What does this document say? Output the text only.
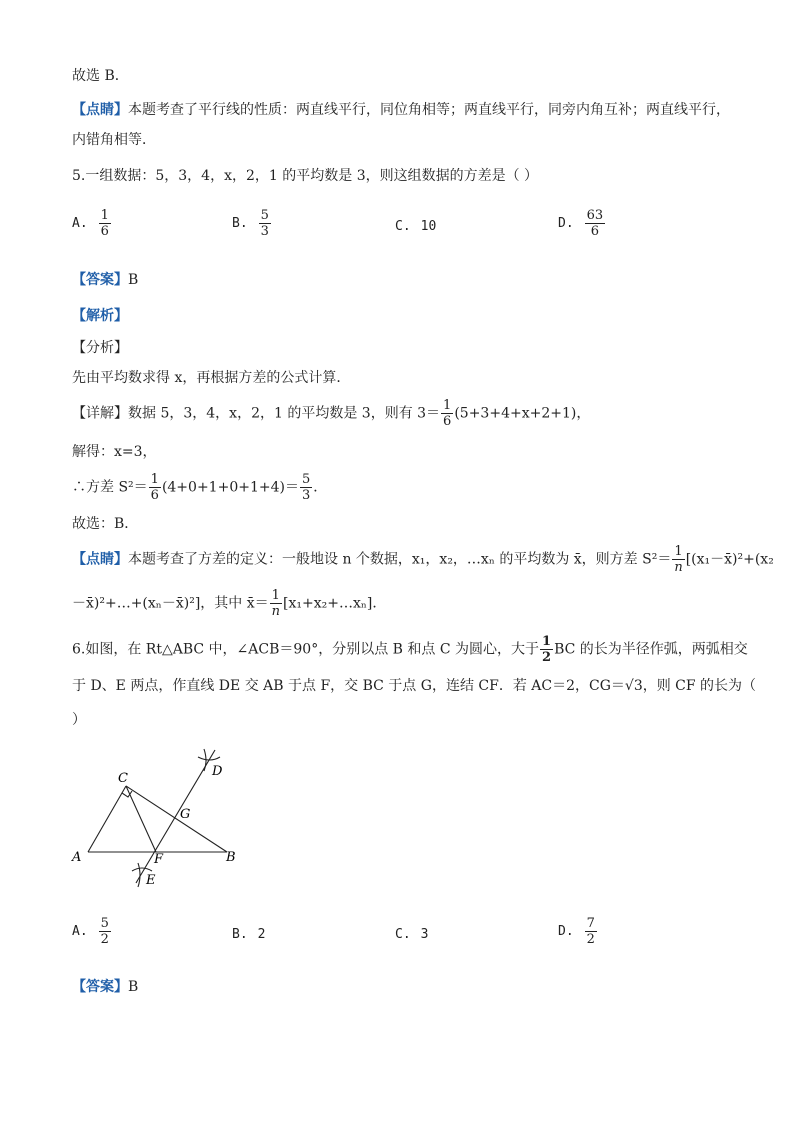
故选 B．
【点睛】本题考查了平行线的性质：两直线平行，同位角相等；两直线平行，同旁内角互补；两直线平行，
内错角相等．
5.一组数据：5，3，4，x，2，1 的平均数是 3，则这组数据的方差是（ ）
A. $\frac{1}{6}$	B. $\frac{5}{3}$	C. 10	D. $\frac{63}{6}$
【答案】B
【解析】
【分析】
先由平均数求得 x，再根据方差的公式计算．
【详解】数据 5，3，4，x，2，1 的平均数是 3，则有 $3= \frac{1}{6} (5+3+4+x+2+1)$，
解得：x=3，
∴方差 $S^2= \frac{1}{6} (4+0+1+0+1+4)= \frac{5}{3}$ ．
故选：B．
【点睛】本题考查了方差的定义：一般地设 n 个数据，x₁，x₂，…xₙ 的平均数为 x̄，则方差 $S^2= \frac{1}{n}$ [(x₁－x̄)²+(x₂
－x̄)²+…+(xₙ－x̄)²]，其中 x̄＝ $\frac{1}{n}$ [x₁+x₂+…xₙ]．
6.如图，在 Rt△ABC 中，∠ACB＝90°，分别以点 B 和点 C 为圆心，大于 $\frac{1}{2}$ BC 的长为半径作弧，两弧相交
于 D、E 两点，作直线 DE 交 AB 于点 F，交 BC 于点 G，连结 CF．若 AC＝2，CG＝√3，则 CF 的长为（
）
C	D
G
A	F	B
E
A. $\frac{5}{2}$	B. 2	C. 3	D. $\frac{7}{2}$
【答案】B
